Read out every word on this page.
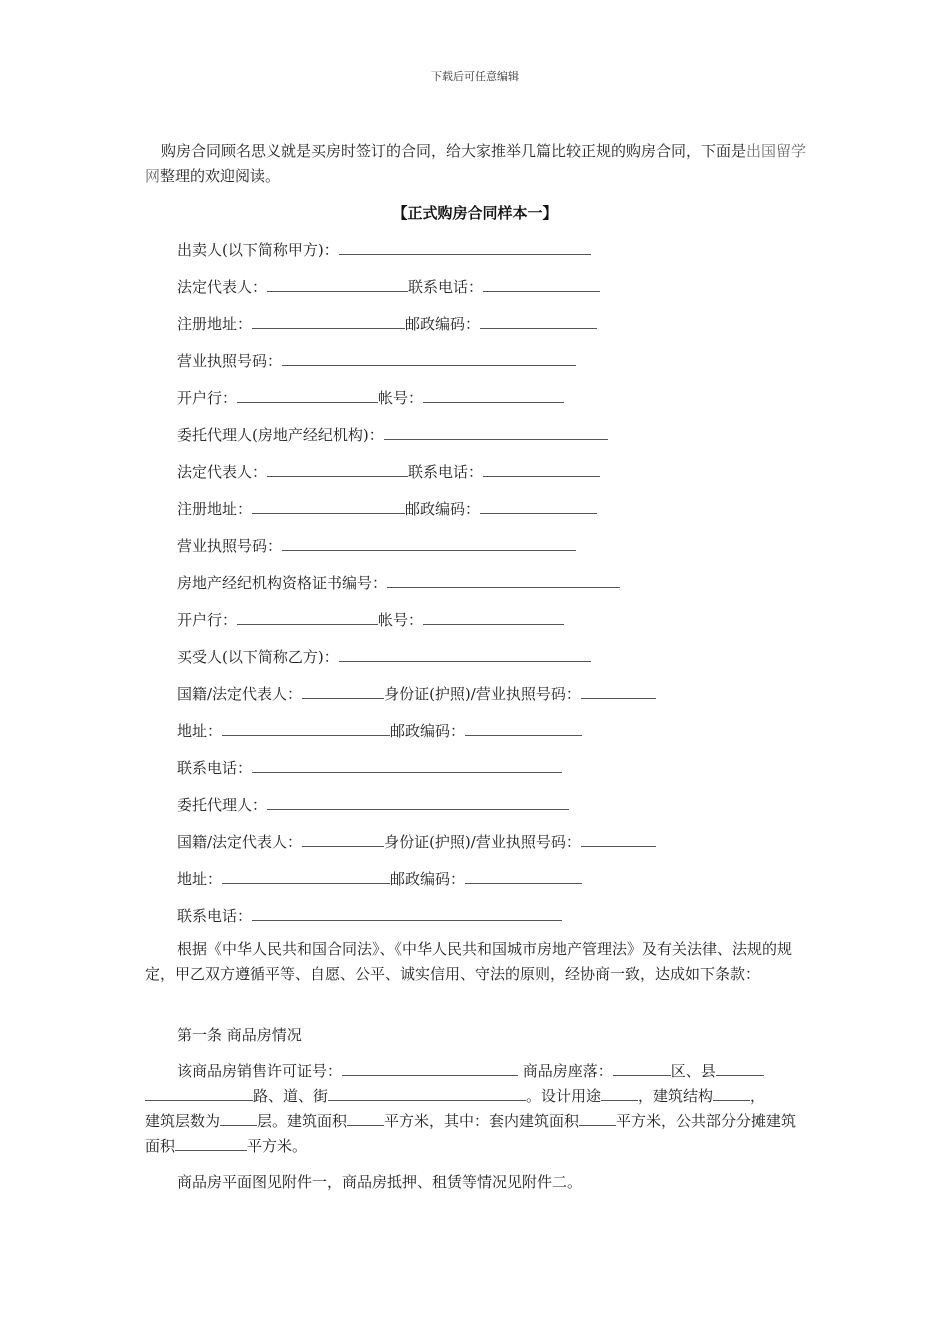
下载后可任意编辑
购房合同顾名思义就是买房时签订的合同，给大家推举几篇比较正规的购房合同，下面是出国留学网整理的欢迎阅读。
【正式购房合同样本一】
出卖人(以下简称甲方)：
法定代表人：	联系电话：
注册地址：	邮政编码：
营业执照号码：
开户行：	帐号：
委托代理人(房地产经纪机构)：
法定代表人：	联系电话：
注册地址：	邮政编码：
营业执照号码：
房地产经纪机构资格证书编号：
开户行：	帐号：
买受人(以下简称乙方)：
国籍/法定代表人：	身份证(护照)/营业执照号码：
地址：	邮政编码：
联系电话：
委托代理人：
国籍/法定代表人：	身份证(护照)/营业执照号码：
地址：	邮政编码：
联系电话：
根据《中华人民共和国合同法》、《中华人民共和国城市房地产管理法》及有关法律、法规的规定，甲乙双方遵循平等、自愿、公平、诚实信用、守法的原则，经协商一致，达成如下条款：
第一条 商品房情况
该商品房销售许可证号：	商品房座落：	区、县
路、道、街	。设计用途 ，建筑结构 ，
建筑层数为 层。建筑面积 平方米，其中：套内建筑面积 平方米，公共部分分摊建筑面积	平方米。
商品房平面图见附件一，商品房抵押、租赁等情况见附件二。
